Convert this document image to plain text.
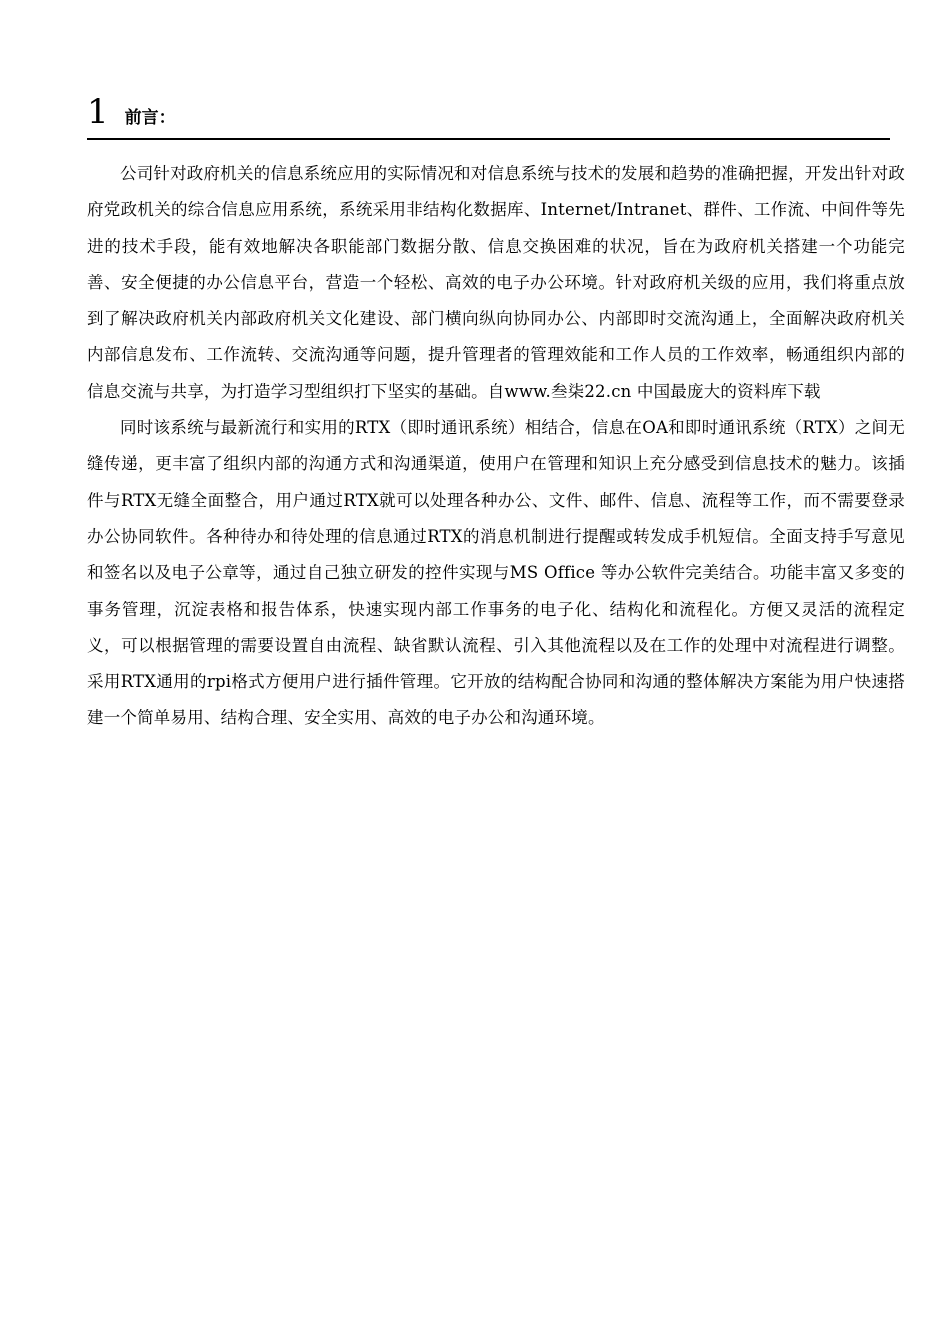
1 前言：

公司针对政府机关的信息系统应用的实际情况和对信息系统与技术的发展和趋势的准确把握，开发出针对政府党政机关的综合信息应用系统，系统采用非结构化数据库、Internet/Intranet、群件、工作流、中间件等先进的技术手段，能有效地解决各职能部门数据分散、信息交换困难的状况，旨在为政府机关搭建一个功能完善、安全便捷的办公信息平台，营造一个轻松、高效的电子办公环境。针对政府机关级的应用，我们将重点放到了解决政府机关内部政府机关文化建设、部门横向纵向协同办公、内部即时交流沟通上，全面解决政府机关内部信息发布、工作流转、交流沟通等问题，提升管理者的管理效能和工作人员的工作效率，畅通组织内部的信息交流与共享，为打造学习型组织打下坚实的基础。自www.叁柒22.cn 中国最庞大的资料库下载

同时该系统与最新流行和实用的RTX（即时通讯系统）相结合，信息在OA和即时通讯系统（RTX）之间无缝传递，更丰富了组织内部的沟通方式和沟通渠道，使用户在管理和知识上充分感受到信息技术的魅力。该插件与RTX无缝全面整合，用户通过RTX就可以处理各种办公、文件、邮件、信息、流程等工作，而不需要登录办公协同软件。各种待办和待处理的信息通过RTX的消息机制进行提醒或转发成手机短信。全面支持手写意见和签名以及电子公章等，通过自己独立研发的控件实现与MS Office 等办公软件完美结合。功能丰富又多变的事务管理，沉淀表格和报告体系，快速实现内部工作事务的电子化、结构化和流程化。方便又灵活的流程定义，可以根据管理的需要设置自由流程、缺省默认流程、引入其他流程以及在工作的处理中对流程进行调整。采用RTX通用的rpi格式方便用户进行插件管理。它开放的结构配合协同和沟通的整体解决方案能为用户快速搭建一个简单易用、结构合理、安全实用、高效的电子办公和沟通环境。
